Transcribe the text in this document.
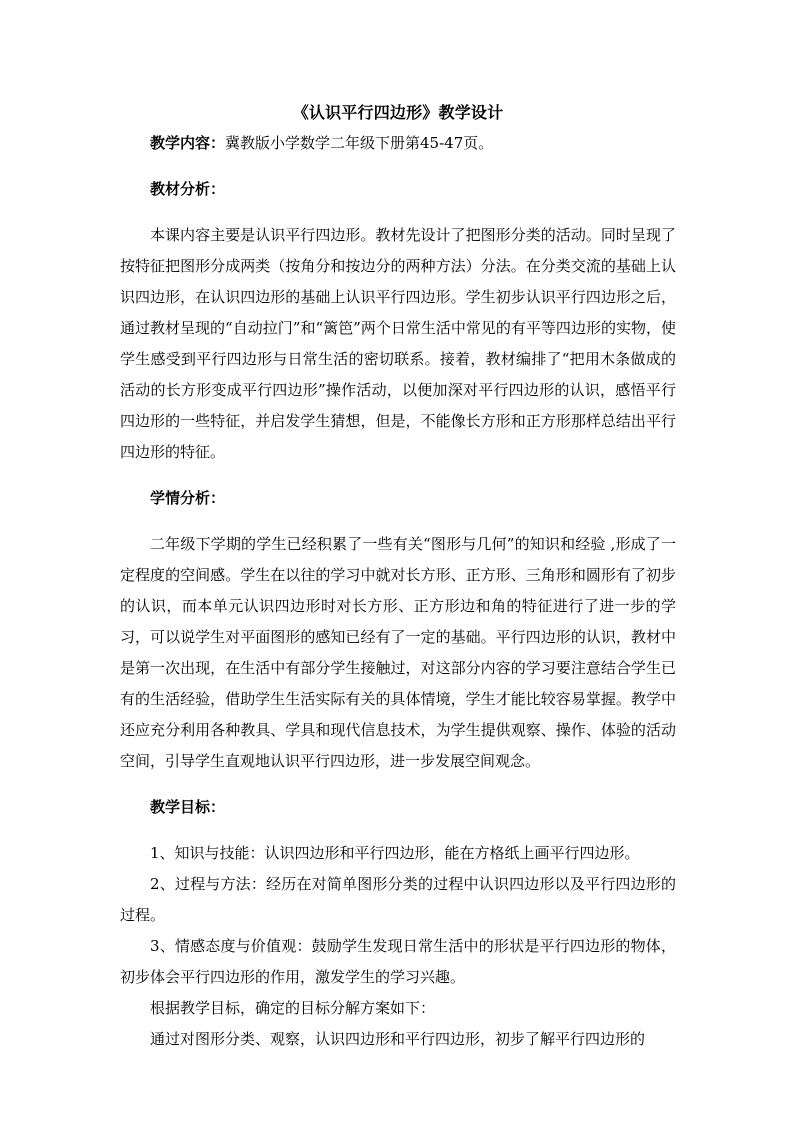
《认识平行四边形》教学设计

教学内容：冀教版小学数学二年级下册第45-47页。

教材分析：

本课内容主要是认识平行四边形。教材先设计了把图形分类的活动。同时呈现了按特征把图形分成两类（按角分和按边分的两种方法）分法。在分类交流的基础上认识四边形，在认识四边形的基础上认识平行四边形。学生初步认识平行四边形之后，通过教材呈现的“自动拉门”和“篱笆”两个日常生活中常见的有平等四边形的实物，使学生感受到平行四边形与日常生活的密切联系。接着，教材编排了“把用木条做成的活动的长方形变成平行四边形”操作活动，以便加深对平行四边形的认识，感悟平行四边形的一些特征，并启发学生猜想，但是，不能像长方形和正方形那样总结出平行四边形的特征。

学情分析：

二年级下学期的学生已经积累了一些有关“图形与几何”的知识和经验 ,形成了一定程度的空间感。学生在以往的学习中就对长方形、正方形、三角形和圆形有了初步的认识，而本单元认识四边形时对长方形、正方形边和角的特征进行了进一步的学习，可以说学生对平面图形的感知已经有了一定的基础。平行四边形的认识，教材中是第一次出现，在生活中有部分学生接触过，对这部分内容的学习要注意结合学生已有的生活经验，借助学生生活实际有关的具体情境，学生才能比较容易掌握。教学中还应充分利用各种教具、学具和现代信息技术，为学生提供观察、操作、体验的活动空间，引导学生直观地认识平行四边形，进一步发展空间观念。

教学目标：

1、知识与技能：认识四边形和平行四边形，能在方格纸上画平行四边形。

2、过程与方法：经历在对简单图形分类的过程中认识四边形以及平行四边形的过程。

3、情感态度与价值观：鼓励学生发现日常生活中的形状是平行四边形的物体，初步体会平行四边形的作用，激发学生的学习兴趣。

根据教学目标，确定的目标分解方案如下：

通过对图形分类、观察，认识四边形和平行四边形，初步了解平行四边形的
